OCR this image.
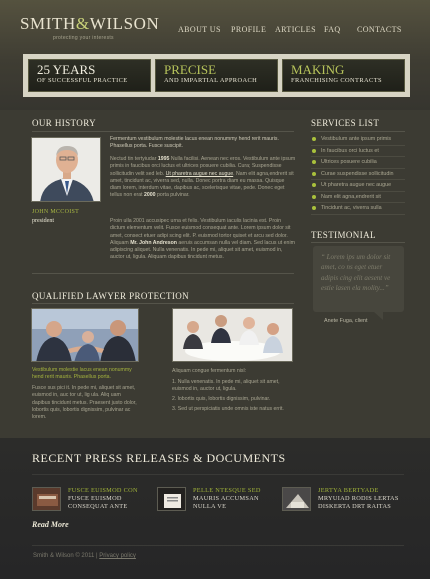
SMITH&WILSON
protecting your interests
ABOUT US PROFILE ARTICLES FAQ CONTACTS
25 YEARS
OF SUCCESSFUL PRACTICE
PRECISE
AND IMPARTIAL APPROACH
MAKING
FRANCHISING CONTRACTS
OUR HISTORY
JOHN MCCOIST
president
Fermentum vestibulum molestie lacus enean nonummy hend rerit mauris. Phasellus porta. Fusce suscipit.
Nectud tin tertyiudar 1995 Nulla facilisi. Aenean nec eros. Vestibulum ante ipsum primis in faucibus orci luctus et ultrices posuere cubilia. Cura; Suspendisse sollicitudin velit sed leb. Ut pharetra augue nec augue. Nam elit agna,endrerit sit amet, tincidunt ac, viverra sed, nulla. Donec portra diam eu massa. Quisque diam lorem, interdum vitae, dapibus ac, scelerisque vitae, pede. Donec eget tellus non erat 2000 porta pulvinar.
Proin ulla 2001 accusipec urna et felis. Vestibulum iaculis lacinia est. Proin dictum elementum velit. Fusce euismod consequat ante. Lorem ipsum dolor sit amet, consect etuer adipi scing elit. P. euismod tortor quiset et arcu sed dolor. Aliquam Mr. John Andreson aeruis accumsan nulla vel diam. Sed lacus ut enim adipiscing aliquet. Nulla venenatis. In pede mi, aliquet sit amet, euismod in, auctor ut, ligula. Aliquam dapibus tincidunt metus.
SERVICES LIST
Vestibulum ante ipsum primis
In faucibus orci luctus et
Ultrices posuere cubilia
Curae suspendisse sollicitudin
Ut pharetra augue nec augue
Nam elit agna,endrerit sit
Tincidunt ac, viverra sulla
TESTIMONIAL
“ Lorem ips um dolor sit amet, co ns eget etuer adipis cing elit aesent ve estie lasen ela molity...”
Anete Fuga, client
QUALIFIED LAWYER PROTECTION
Vestibulum molestie lacus enean nonummy hend rerit mauris. Phasellus porta.
Fusce sus pici it. In pede mi, aliquet sit amet, euismod in, auc tor ut, lig ula. Aliq uam dapibus tincidunt metus. Praesent justo dolor, lobortis quis, lobortis dignissim, pulvinar ac lorem.
Aliquam congue fermentum nisl:
1. Nulla venenatis. In pede mi, aliquet sit amet, euismod in, auctor ut, ligula.
2. lobortis quis, lobortis dignissim, pulvinar.
3. Sed ut perspiciatis unde omnis iste natus errit.
RECENT PRESS RELEASES & DOCUMENTS
FUSCE EUISMOD CON
FUSCE EUISMOD
CONSEQUAT ANTE
PELLE NTESQUE SED
MAURIS ACCUMSAN
NULLA VE
JERTYA BERTYADE
MRYUIAD RODIS LERTAS
DISKERTA DRT RAITAS
Read More
Smith & Wilson © 2011 | Privacy policy
